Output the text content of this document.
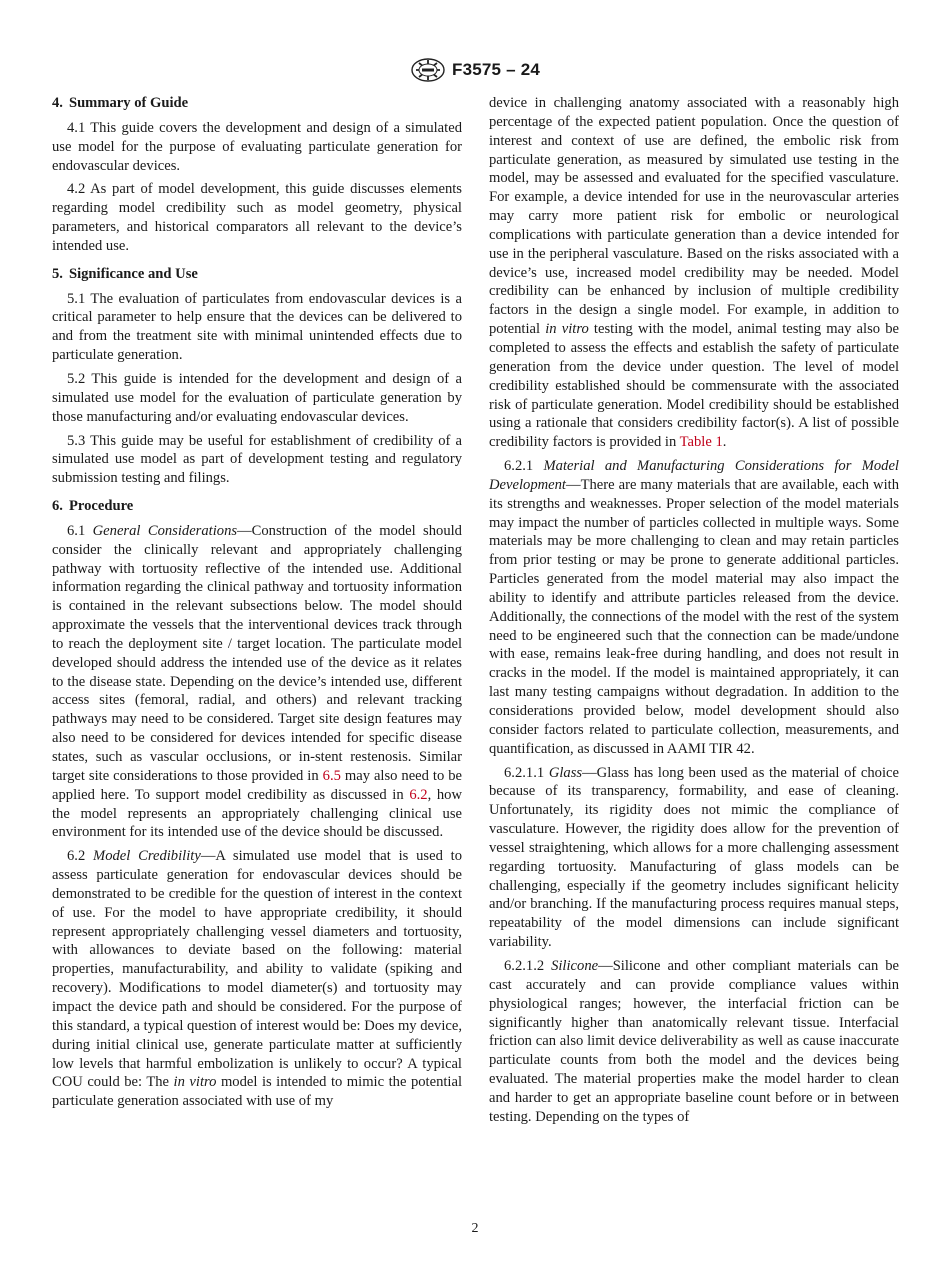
F3575 – 24
4. Summary of Guide

4.1 This guide covers the development and design of a simulated use model for the purpose of evaluating particulate generation for endovascular devices.

4.2 As part of model development, this guide discusses elements regarding model credibility such as model geometry, physical parameters, and historical comparators all relevant to the device’s intended use.

5. Significance and Use

5.1 The evaluation of particulates from endovascular devices is a critical parameter to help ensure that the devices can be delivered to and from the treatment site with minimal unintended effects due to particulate generation.

5.2 This guide is intended for the development and design of a simulated use model for the evaluation of particulate generation by those manufacturing and/or evaluating endovascular devices.

5.3 This guide may be useful for establishment of credibility of a simulated use model as part of development testing and regulatory submission testing and filings.

6. Procedure

6.1 General Considerations—Construction of the model should consider the clinically relevant and appropriately challenging pathway with tortuosity reflective of the intended use. Additional information regarding the clinical pathway and tortuosity information is contained in the relevant subsections below. The model should approximate the vessels that the interventional devices track through to reach the deployment site / target location. The particulate model developed should address the intended use of the device as it relates to the disease state. Depending on the device’s intended use, different access sites (femoral, radial, and others) and relevant tracking pathways may need to be considered. Target site design features may also need to be considered for devices intended for specific disease states, such as vascular occlusions, or in-stent restenosis. Similar target site considerations to those provided in 6.5 may also need to be applied here. To support model credibility as discussed in 6.2, how the model represents an appropriately challenging clinical use environment for its intended use of the device should be discussed.

6.2 Model Credibility—A simulated use model that is used to assess particulate generation for endovascular devices should be demonstrated to be credible for the question of interest in the context of use. For the model to have appropriate credibility, it should represent appropriately challenging vessel diameters and tortuosity, with allowances to deviate based on the following: material properties, manufacturability, and ability to validate (spiking and recovery). Modifications to model diameter(s) and tortuosity may impact the device path and should be considered. For the purpose of this standard, a typical question of interest would be: Does my device, during initial clinical use, generate particulate matter at sufficiently low levels that harmful embolization is unlikely to occur? A typical COU could be: The in vitro model is intended to mimic the potential particulate generation associated with use of my

device in challenging anatomy associated with a reasonably high percentage of the expected patient population. Once the question of interest and context of use are defined, the embolic risk from particulate generation, as measured by simulated use testing in the model, may be assessed and evaluated for the specified vasculature. For example, a device intended for use in the neurovascular arteries may carry more patient risk for embolic or neurological complications with particulate generation than a device intended for use in the peripheral vasculature. Based on the risks associated with a device’s use, increased model credibility may be needed. Model credibility can be enhanced by inclusion of multiple credibility factors in the design a single model. For example, in addition to potential in vitro testing with the model, animal testing may also be completed to assess the effects and establish the safety of particulate generation from the device under question. The level of model credibility established should be commensurate with the associated risk of particulate generation. Model credibility should be established using a rationale that considers credibility factor(s). A list of possible credibility factors is provided in Table 1.

6.2.1 Material and Manufacturing Considerations for Model Development—There are many materials that are available, each with its strengths and weaknesses. Proper selection of the model materials may impact the number of particles collected in multiple ways. Some materials may be more challenging to clean and may retain particles from prior testing or may be prone to generate additional particles. Particles generated from the model material may also impact the ability to identify and attribute particles released from the device. Additionally, the connections of the model with the rest of the system need to be engineered such that the connection can be made/undone with ease, remains leak-free during handling, and does not result in cracks in the model. If the model is maintained appropriately, it can last many testing campaigns without degradation. In addition to the considerations provided below, model development should also consider factors related to particulate collection, measurements, and quantification, as discussed in AAMI TIR 42.

6.2.1.1 Glass—Glass has long been used as the material of choice because of its transparency, formability, and ease of cleaning. Unfortunately, its rigidity does not mimic the compliance of vasculature. However, the rigidity does allow for the prevention of vessel straightening, which allows for a more challenging assessment regarding tortuosity. Manufacturing of glass models can be challenging, especially if the geometry includes significant helicity and/or branching. If the manufacturing process requires manual steps, repeatability of the model dimensions can include significant variability.

6.2.1.2 Silicone—Silicone and other compliant materials can be cast accurately and can provide compliance values within physiological ranges; however, the interfacial friction can be significantly higher than anatomically relevant tissue. Interfacial friction can also limit device deliverability as well as cause inaccurate particulate counts from both the model and the devices being evaluated. The material properties make the model harder to clean and harder to get an appropriate baseline count before or in between testing. Depending on the types of

2
